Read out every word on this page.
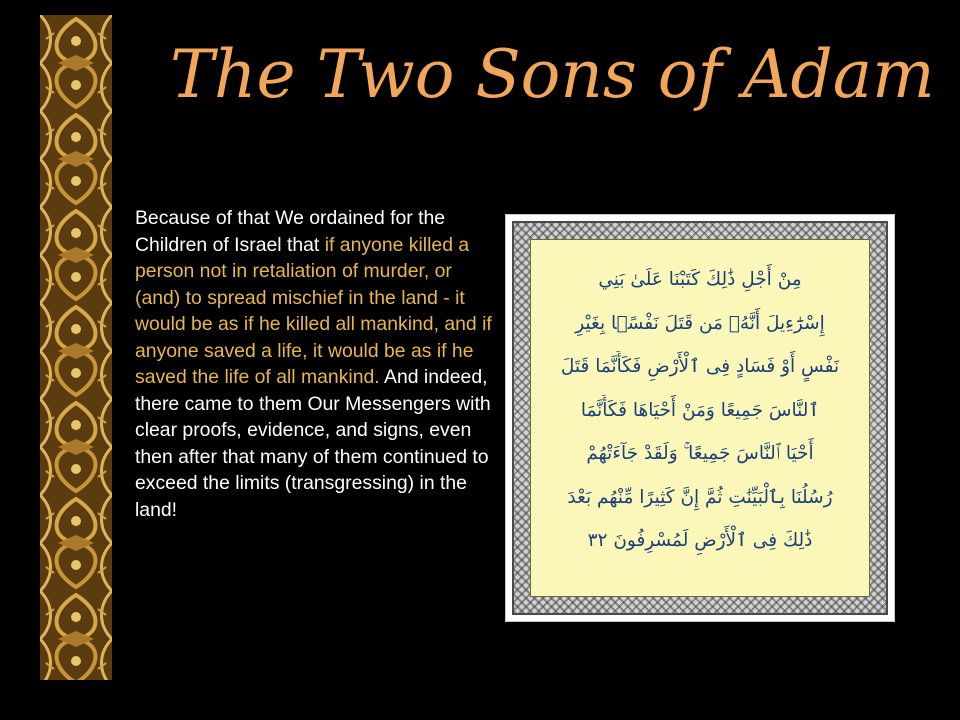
The Two Sons of Adam

Because of that We ordained for the Children of Israel that if anyone killed a person not in retaliation of murder, or (and) to spread mischief in the land - it would be as if he killed all mankind, and if anyone saved a life, it would be as if he saved the life of all mankind. And indeed, there came to them Our Messengers with clear proofs, evidence, and signs, even then after that many of them continued to exceed the limits (transgressing) in the land!

مِنْ أَجْلِ ذَٰلِكَ كَتَبْنَا عَلَىٰ بَنِي

إِسْرَٰٓءِيلَ أَنَّهُۥ مَن قَتَلَ نَفْسًۢا بِغَيْرِ

نَفْسٍ أَوْ فَسَادٍ فِى ٱلْأَرْضِ فَكَأَنَّمَا قَتَلَ

ٱلنَّاسَ جَمِيعًا وَمَنْ أَحْيَاهَا فَكَأَنَّمَا

أَحْيَا ٱلنَّاسَ جَمِيعًا ۚ وَلَقَدْ جَآءَتْهُمْ

رُسُلُنَا بِٱلْبَيِّنَٰتِ ثُمَّ إِنَّ كَثِيرًا مِّنْهُم بَعْدَ

ذَٰلِكَ فِى ٱلْأَرْضِ لَمُسْرِفُونَ ٣٢
